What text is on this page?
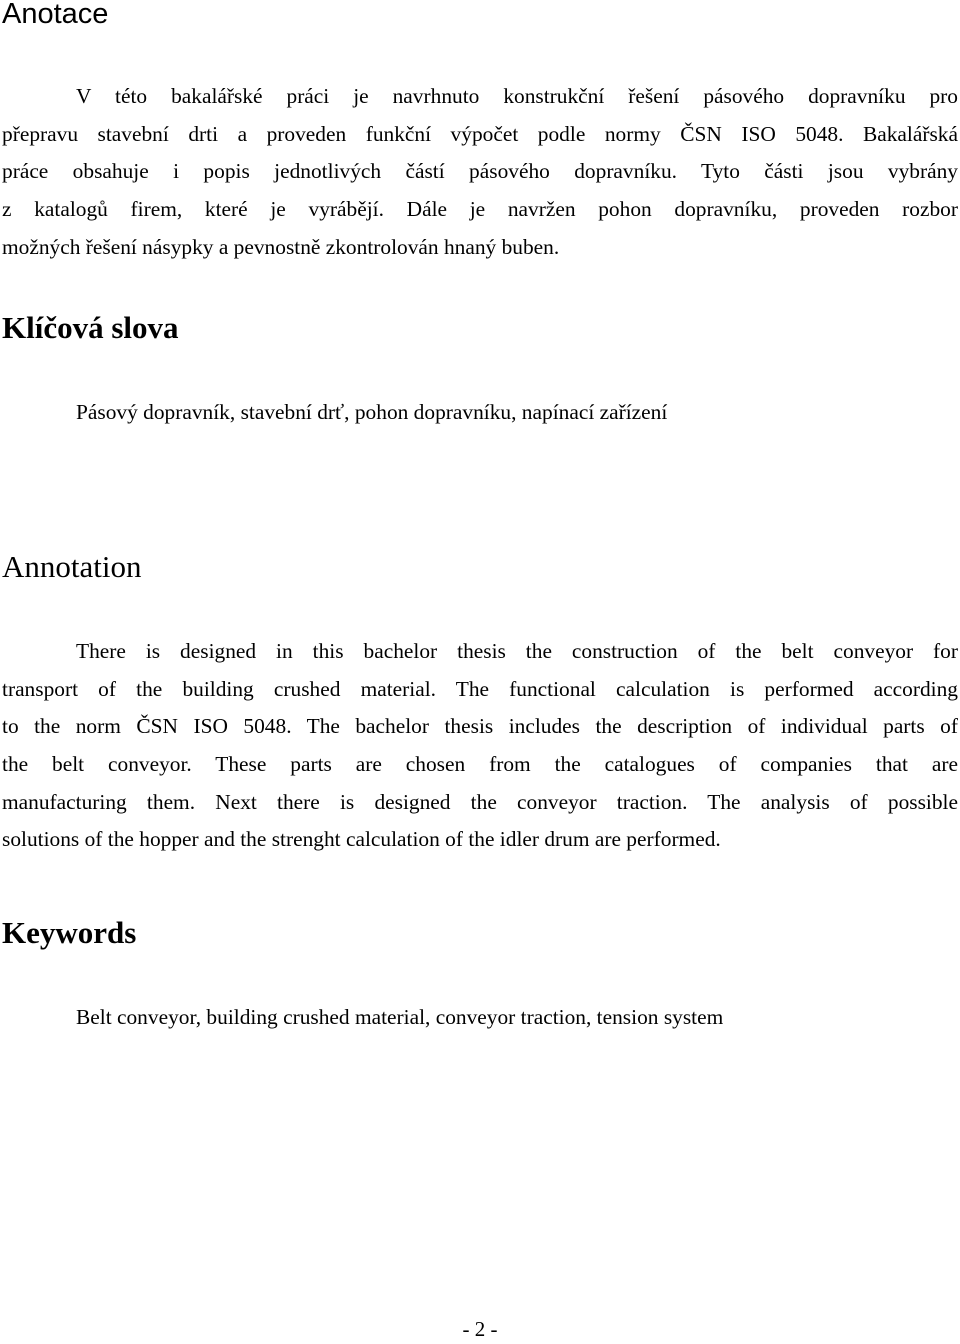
Anotace
V této bakalářské práci je navrhnuto konstrukční řešení pásového dopravníku pro
přepravu stavební drti a proveden funkční výpočet podle normy ČSN ISO 5048. Bakalářská
práce obsahuje i popis jednotlivých částí pásového dopravníku. Tyto části jsou vybrány
z katalogů firem, které je vyrábějí. Dále je navržen pohon dopravníku, proveden rozbor
možných řešení násypky a pevnostně zkontrolován hnaný buben.
Klíčová slova
Pásový dopravník, stavební drť, pohon dopravníku, napínací zařízení
Annotation
There is designed in this bachelor thesis the construction of the belt conveyor for
transport of the building crushed material. The functional calculation is performed according
to the norm ČSN ISO 5048. The bachelor thesis includes the description of individual parts of
the belt conveyor. These parts are chosen from the catalogues of companies that are
manufacturing them. Next there is designed the conveyor traction. The analysis of possible
solutions of the hopper and the strenght calculation of the idler drum are performed.
Keywords
Belt conveyor, building crushed material, conveyor traction, tension system
- 2 -
